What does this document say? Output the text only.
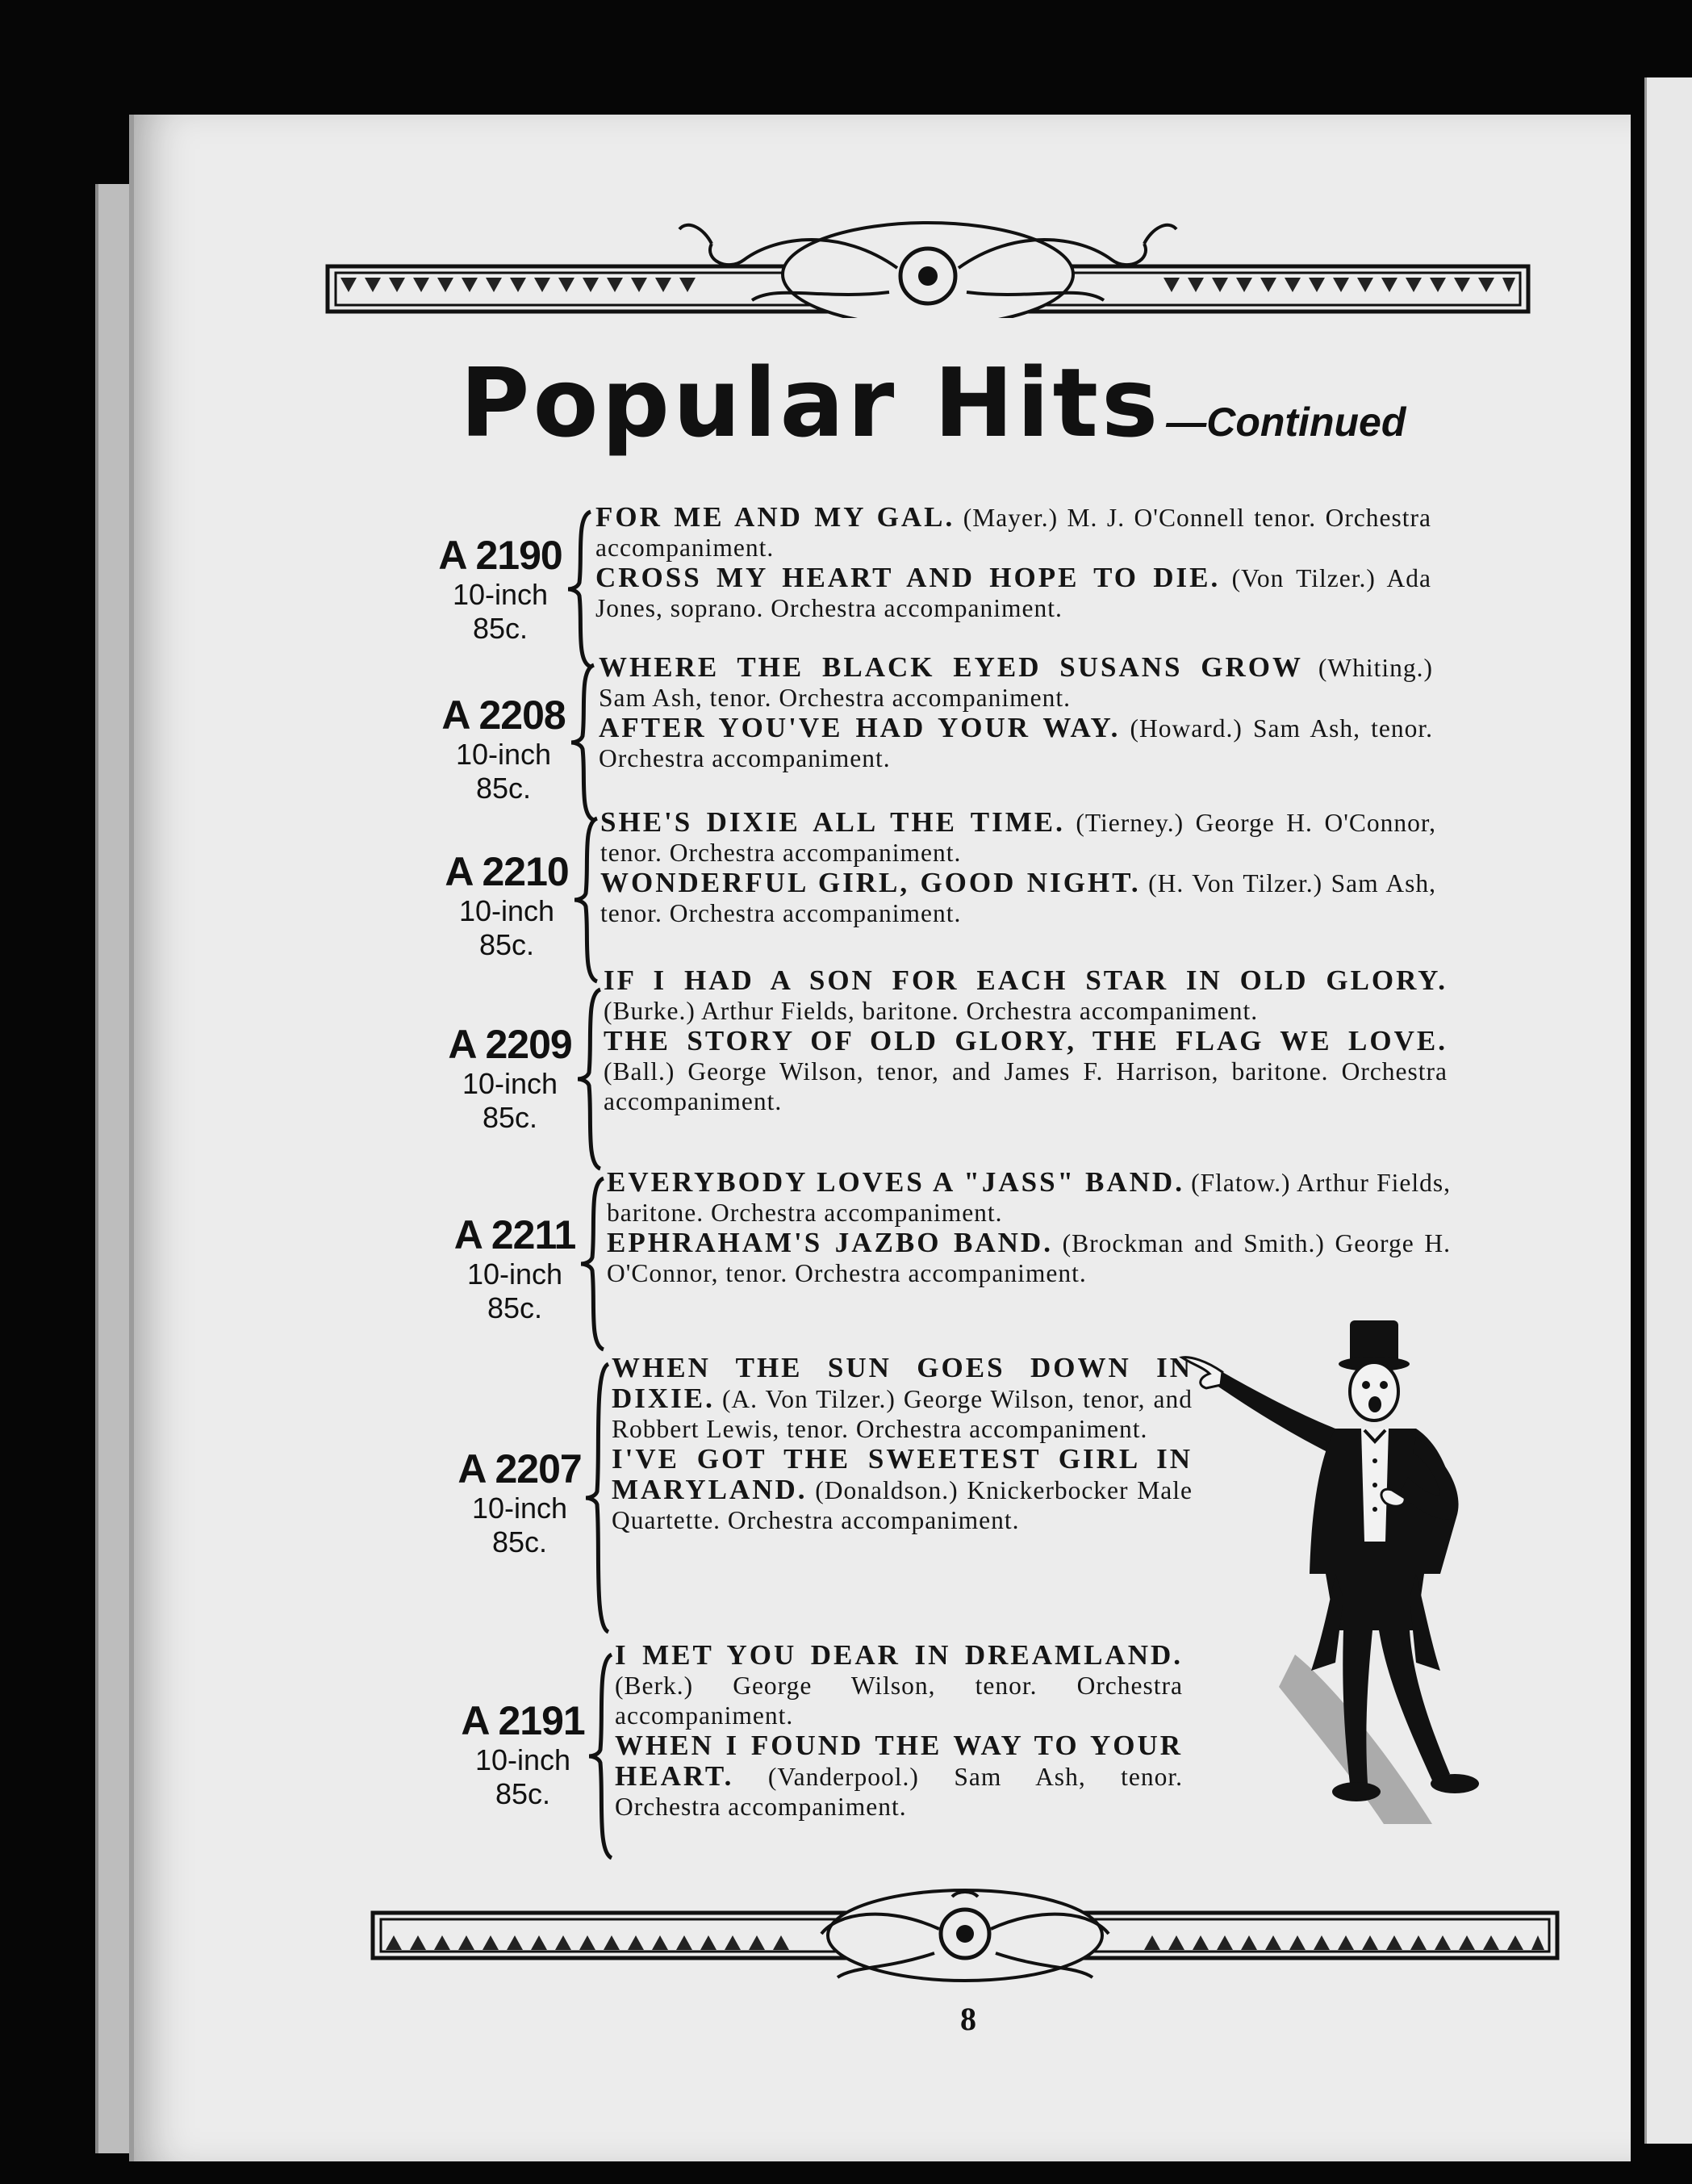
Popular Hits —Continued
A 2190
10-inch
85c.

FOR ME AND MY GAL. (Mayer.) M. J. O'Connell tenor. Orchestra accompaniment.

CROSS MY HEART AND HOPE TO DIE. (Von Tilzer.) Ada Jones, soprano. Orchestra accompaniment.

A 2208
10-inch
85c.

WHERE THE BLACK EYED SUSANS GROW (Whiting.) Sam Ash, tenor. Orchestra accompaniment.

AFTER YOU'VE HAD YOUR WAY. (Howard.) Sam Ash, tenor. Orchestra accompaniment.

A 2210
10-inch
85c.

SHE'S DIXIE ALL THE TIME. (Tierney.) George H. O'Connor, tenor. Orchestra accompaniment.

WONDERFUL GIRL, GOOD NIGHT. (H. Von Tilzer.) Sam Ash, tenor. Orchestra accompaniment.

A 2209
10-inch
85c.

IF I HAD A SON FOR EACH STAR IN OLD GLORY. (Burke.) Arthur Fields, baritone. Orchestra accompaniment.

THE STORY OF OLD GLORY, THE FLAG WE LOVE. (Ball.) George Wilson, tenor, and James F. Harrison, baritone. Orchestra accompaniment.

A 2211
10-inch
85c.

EVERYBODY LOVES A "JASS" BAND. (Flatow.) Arthur Fields, baritone. Orchestra accompaniment.

EPHRAHAM'S JAZBO BAND. (Brockman and Smith.) George H. O'Connor, tenor. Orchestra accompaniment.

A 2207
10-inch
85c.

WHEN THE SUN GOES DOWN IN DIXIE. (A. Von Tilzer.) George Wilson, tenor, and Robbert Lewis, tenor. Orchestra accompaniment.

I'VE GOT THE SWEETEST GIRL IN MARYLAND. (Donaldson.) Knickerbocker Male Quartette. Orchestra accompaniment.

A 2191
10-inch
85c.

I MET YOU DEAR IN DREAMLAND. (Berk.) George Wilson, tenor. Orchestra accompaniment.

WHEN I FOUND THE WAY TO YOUR HEART. (Vanderpool.) Sam Ash, tenor. Orchestra accompaniment.

8
